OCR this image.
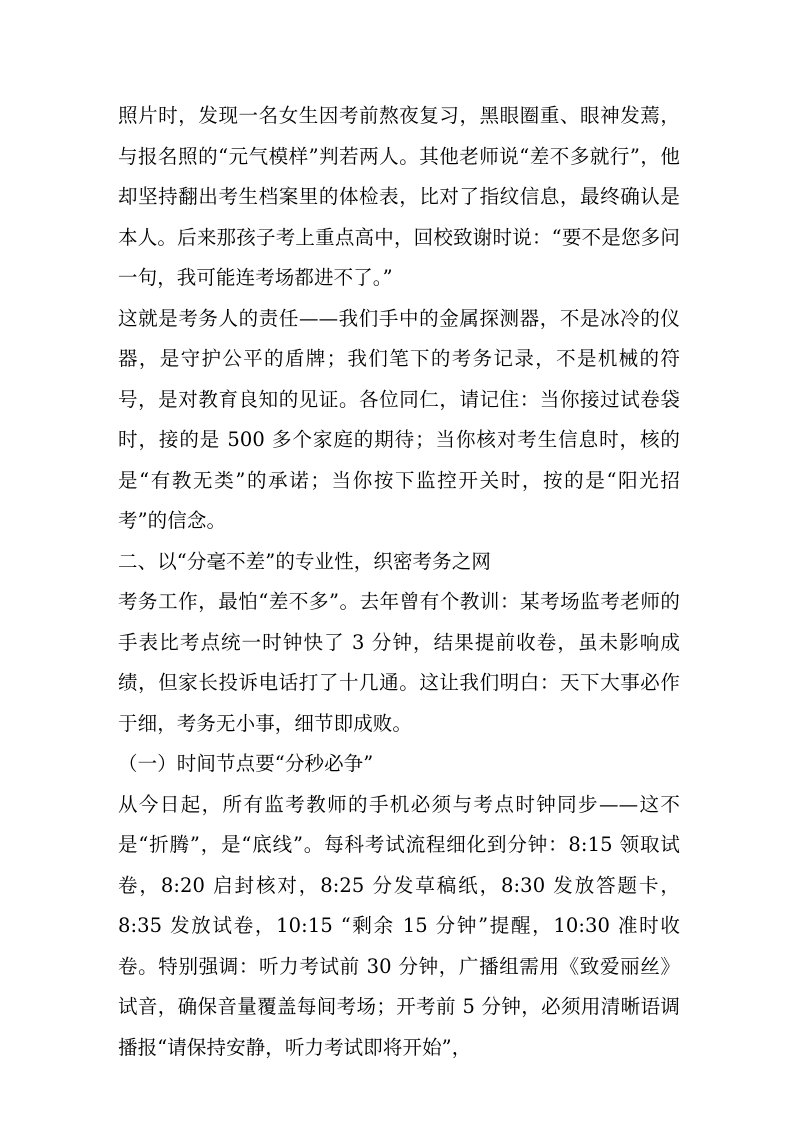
照片时，发现一名女生因考前熬夜复习，黑眼圈重、眼神发蔫，与报名照的“元气模样”判若两人。其他老师说“差不多就行”，他却坚持翻出考生档案里的体检表，比对了指纹信息，最终确认是本人。后来那孩子考上重点高中，回校致谢时说：“要不是您多问一句，我可能连考场都进不了。”

这就是考务人的责任——我们手中的金属探测器，不是冰冷的仪器，是守护公平的盾牌；我们笔下的考务记录，不是机械的符号，是对教育良知的见证。各位同仁，请记住：当你接过试卷袋时，接的是 500 多个家庭的期待；当你核对考生信息时，核的是“有教无类”的承诺；当你按下监控开关时，按的是“阳光招考”的信念。

二、以“分毫不差”的专业性，织密考务之网

考务工作，最怕“差不多”。去年曾有个教训：某考场监考老师的手表比考点统一时钟快了 3 分钟，结果提前收卷，虽未影响成绩，但家长投诉电话打了十几通。这让我们明白：天下大事必作于细，考务无小事，细节即成败。

（一）时间节点要“分秒必争”

从今日起，所有监考教师的手机必须与考点时钟同步——这不是“折腾”，是“底线”。每科考试流程细化到分钟：8:15 领取试卷，8:20 启封核对，8:25 分发草稿纸，8:30 发放答题卡，8:35 发放试卷，10:15 “剩余 15 分钟”提醒，10:30 准时收卷。特别强调：听力考试前 30 分钟，广播组需用《致爱丽丝》试音，确保音量覆盖每间考场；开考前 5 分钟，必须用清晰语调播报“请保持安静，听力考试即将开始”，
